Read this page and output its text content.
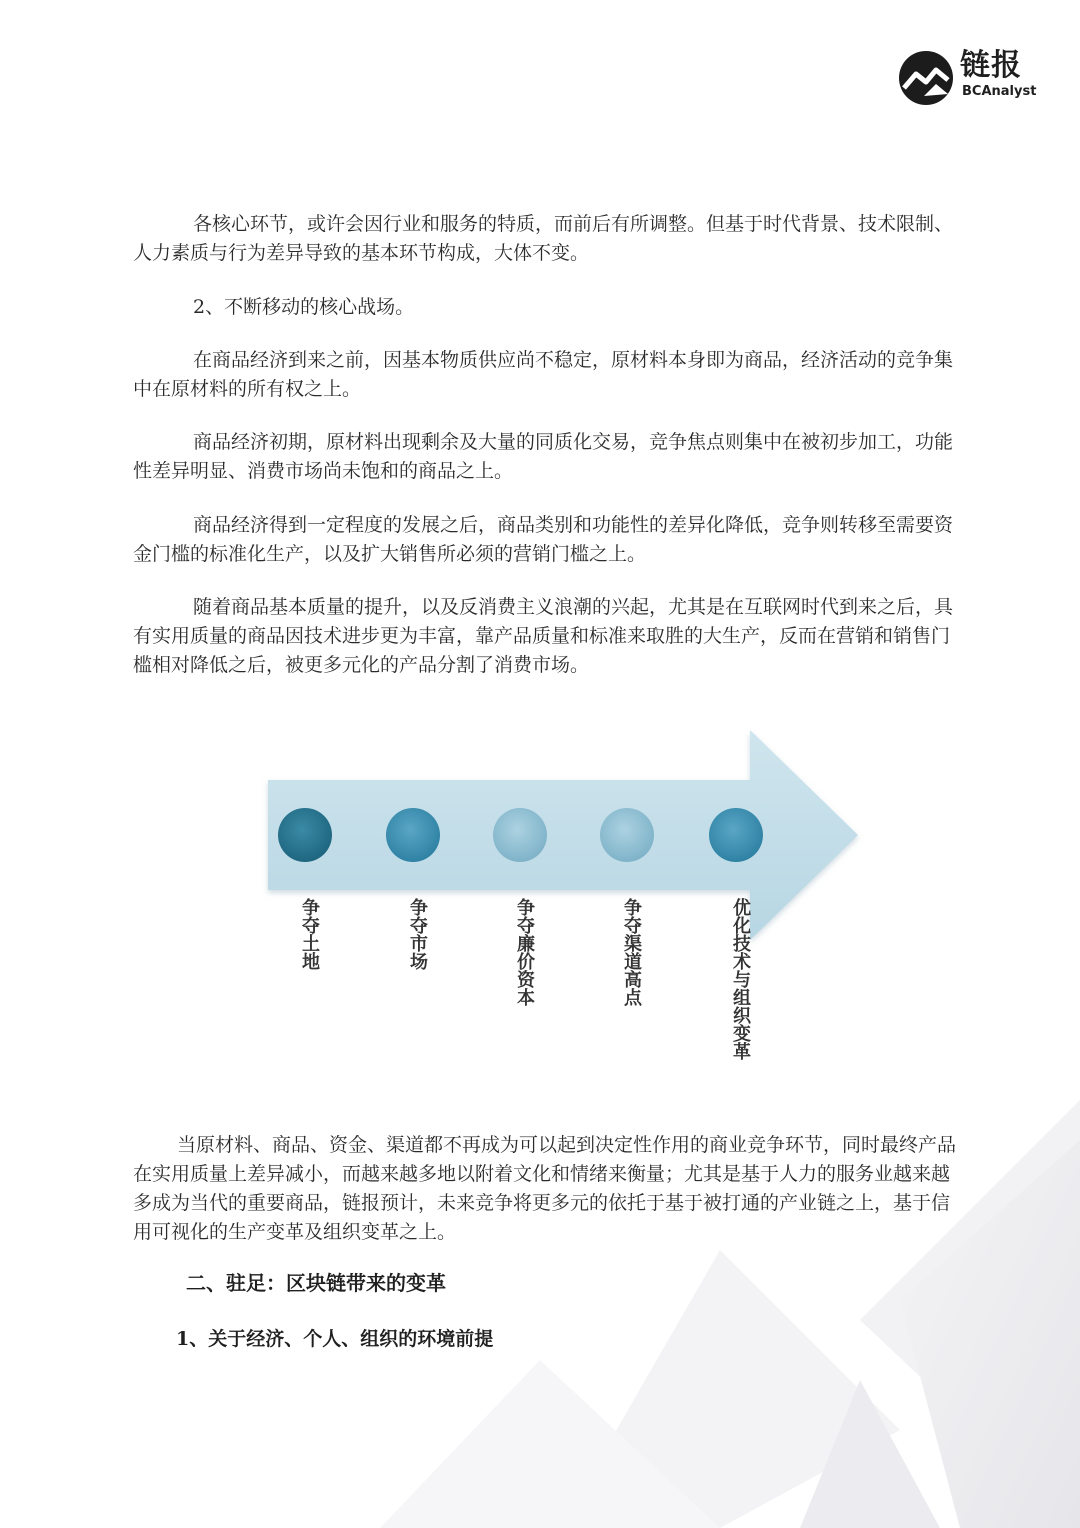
链报
BCAnalyst

各核心环节，或许会因行业和服务的特质，而前后有所调整。但基于时代背景、技术限制、人力素质与行为差异导致的基本环节构成，大体不变。

2、不断移动的核心战场。

在商品经济到来之前，因基本物质供应尚不稳定，原材料本身即为商品，经济活动的竞争集中在原材料的所有权之上。

商品经济初期，原材料出现剩余及大量的同质化交易，竞争焦点则集中在被初步加工，功能性差异明显、消费市场尚未饱和的商品之上。

商品经济得到一定程度的发展之后，商品类别和功能性的差异化降低，竞争则转移至需要资金门槛的标准化生产，以及扩大销售所必须的营销门槛之上。

随着商品基本质量的提升，以及反消费主义浪潮的兴起，尤其是在互联网时代到来之后，具有实用质量的商品因技术进步更为丰富，靠产品质量和标准来取胜的大生产，反而在营销和销售门槛相对降低之后，被更多元化的产品分割了消费市场。

争夺土地	争夺市场	争夺廉价资本	争夺渠道高点	优化技术与组织变革

当原材料、商品、资金、渠道都不再成为可以起到决定性作用的商业竞争环节，同时最终产品在实用质量上差异减小，而越来越多地以附着文化和情绪来衡量；尤其是基于人力的服务业越来越多成为当代的重要商品，链报预计，未来竞争将更多元的依托于基于被打通的产业链之上，基于信用可视化的生产变革及组织变革之上。

二、驻足：区块链带来的变革
1、关于经济、个人、组织的环境前提
